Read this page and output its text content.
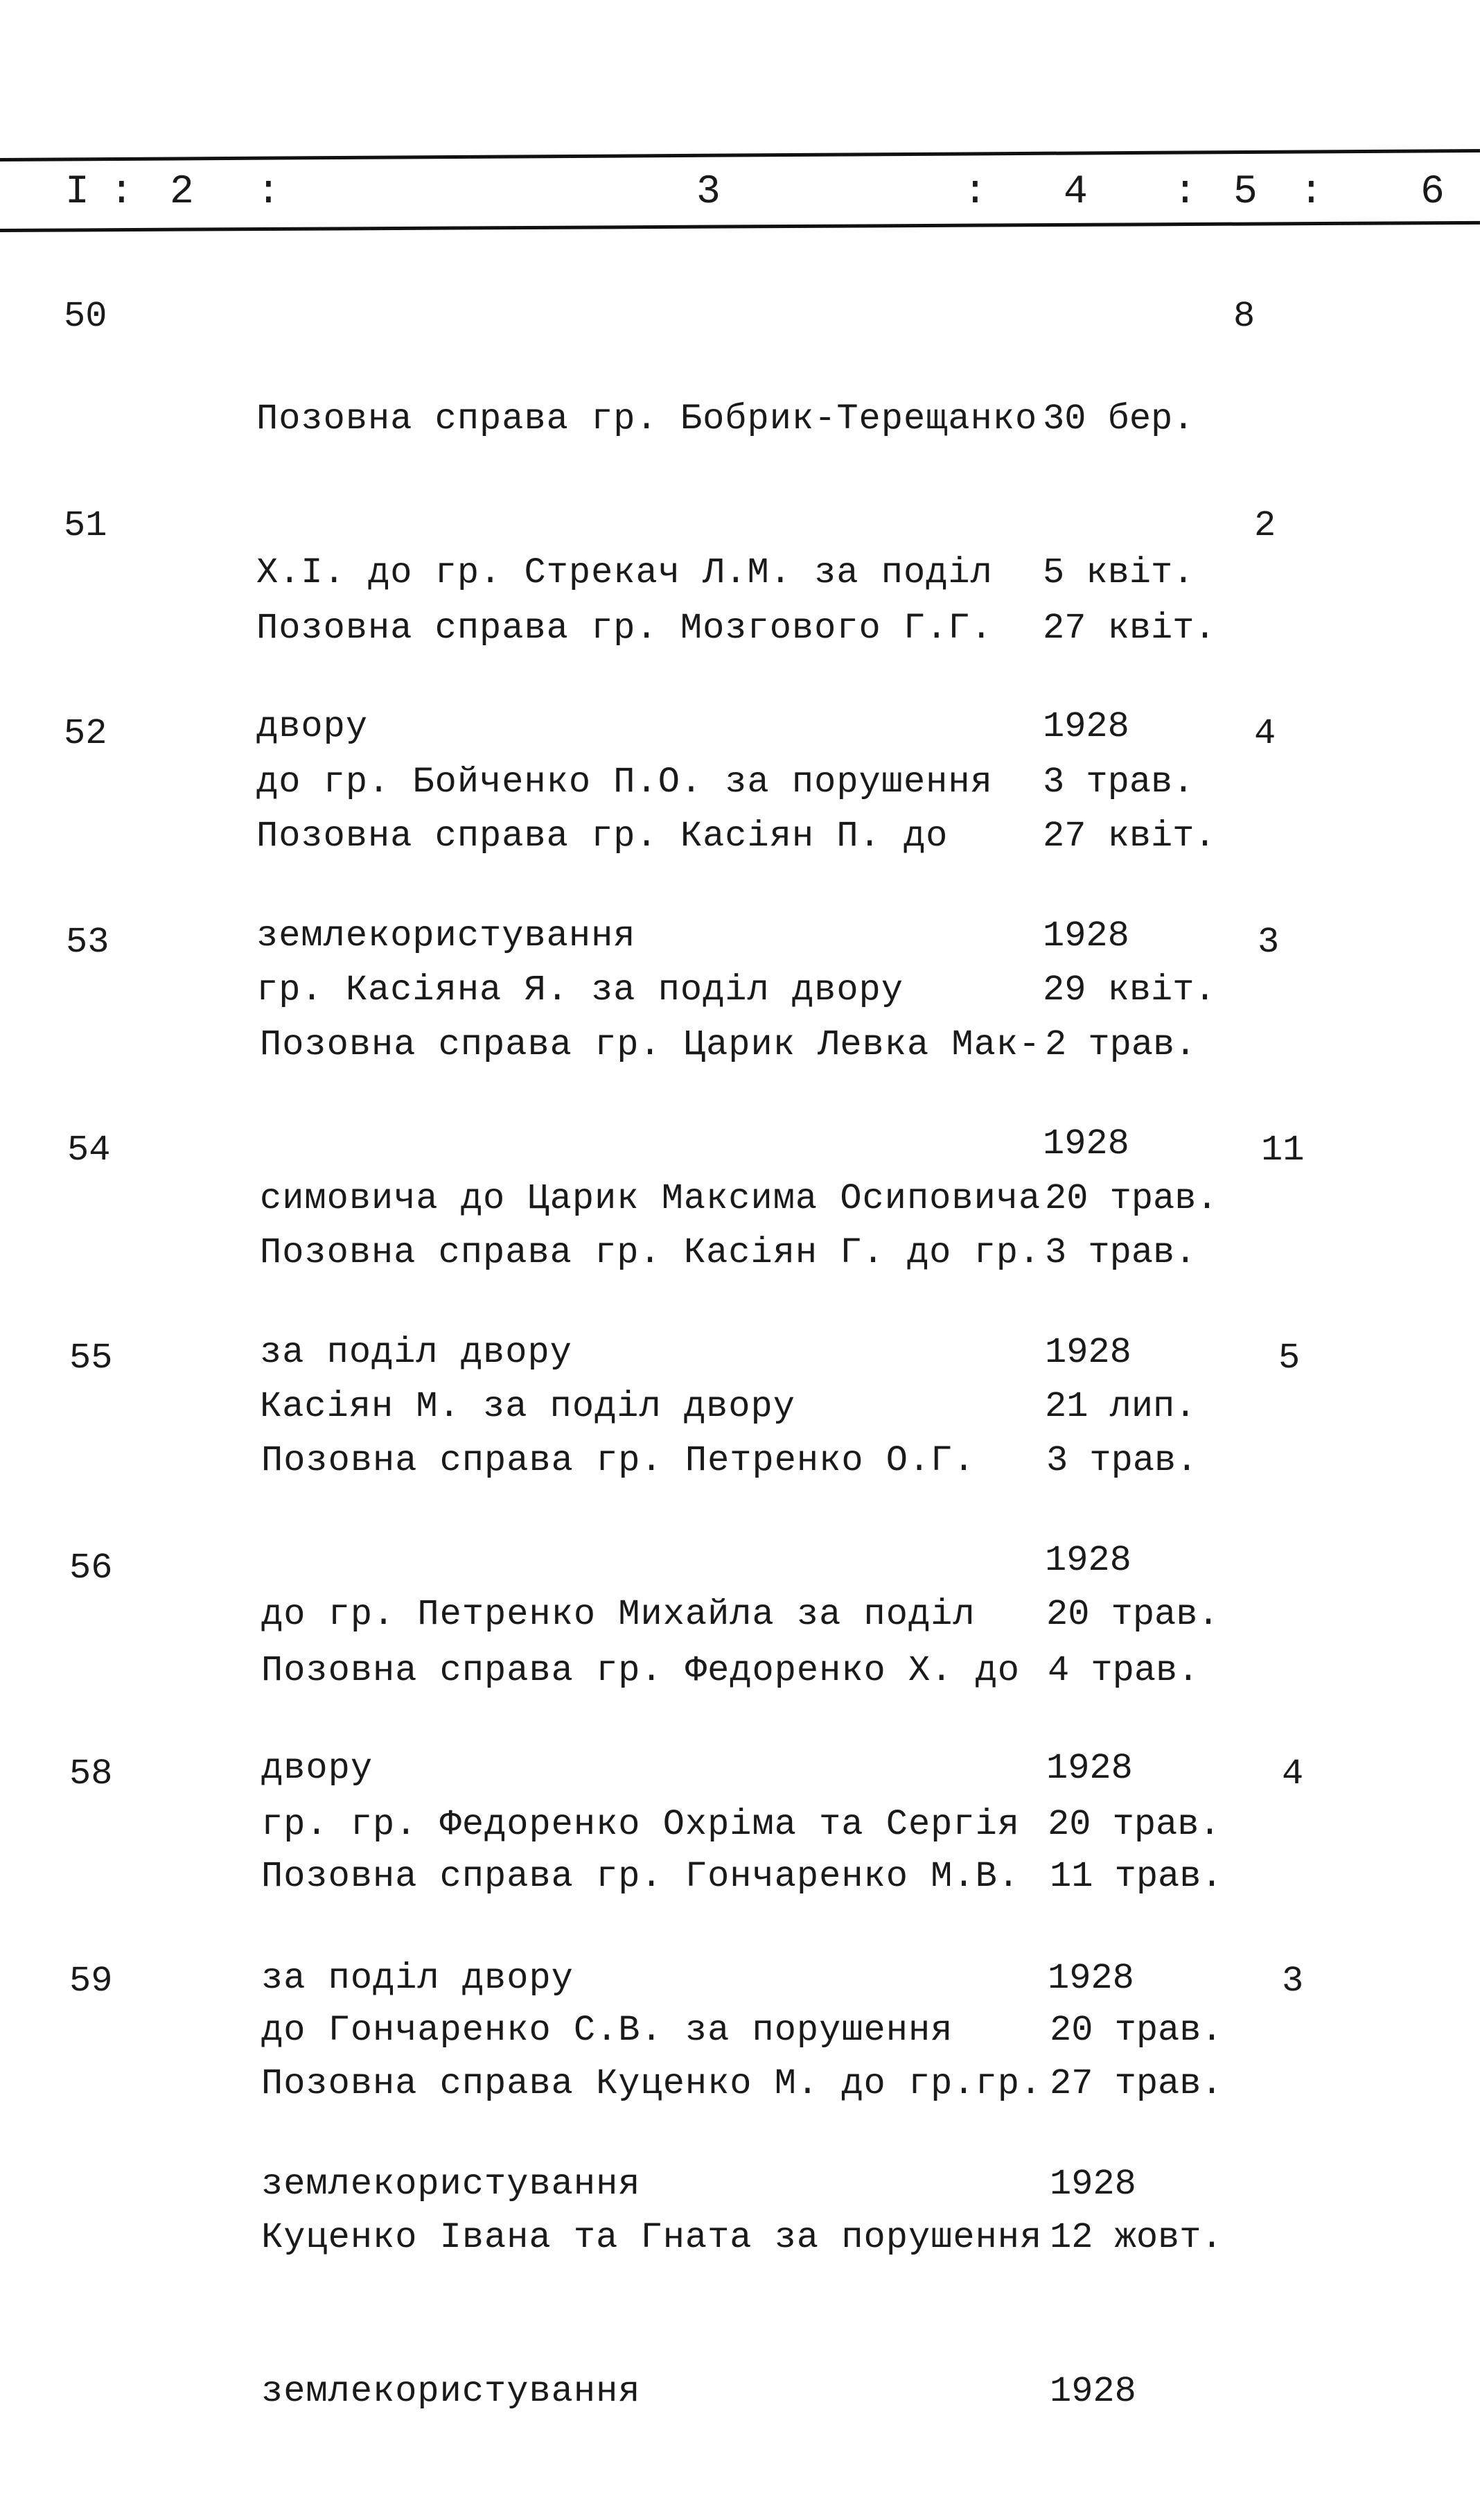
I : 2 :	3	: 4 : 5 : 6
50

Позовна справа гр. Бобрик-Терещанко

Х.І. до гр. Стрекач Л.М. за поділ

двору

30 бер.

5 квіт.

1928

8
51

Позовна справа гр. Мозгового Г.Г.

до гр. Бойченко П.О. за порушення

землекористування

27 квіт.

3 трав.

1928

2
52

Позовна справа гр. Касіян П. до

гр. Касіяна Я. за поділ двору

27 квіт.

29 квіт.

1928

4
53

Позовна справа гр. Царик Левка Мак-

симовича до Царик Максима Осиповича

за поділ двору

2 трав.

20 трав.

1928

3
54

Позовна справа гр. Касіян Г. до гр.

Касіян М. за поділ двору

3 трав.

21 лип.

1928

11
55

Позовна справа гр. Петренко О.Г.

до гр. Петренко Михайла за поділ

двору

3 трав.

20 трав.

1928

5
56

Позовна справа гр. Федоренко Х. до

гр. гр. Федоренко Охріма та Сергія

за поділ двору

4 трав.

20 трав.

1928

58

Позовна справа гр. Гончаренко М.В.

до Гончаренко С.В. за порушення

землекористування

11 трав.

20 трав.

1928

4
59

Позовна справа Куценко М. до гр.гр.

Куценко Івана та Гната за порушення

землекористування

27 трав.

12 жовт.

1928

3
